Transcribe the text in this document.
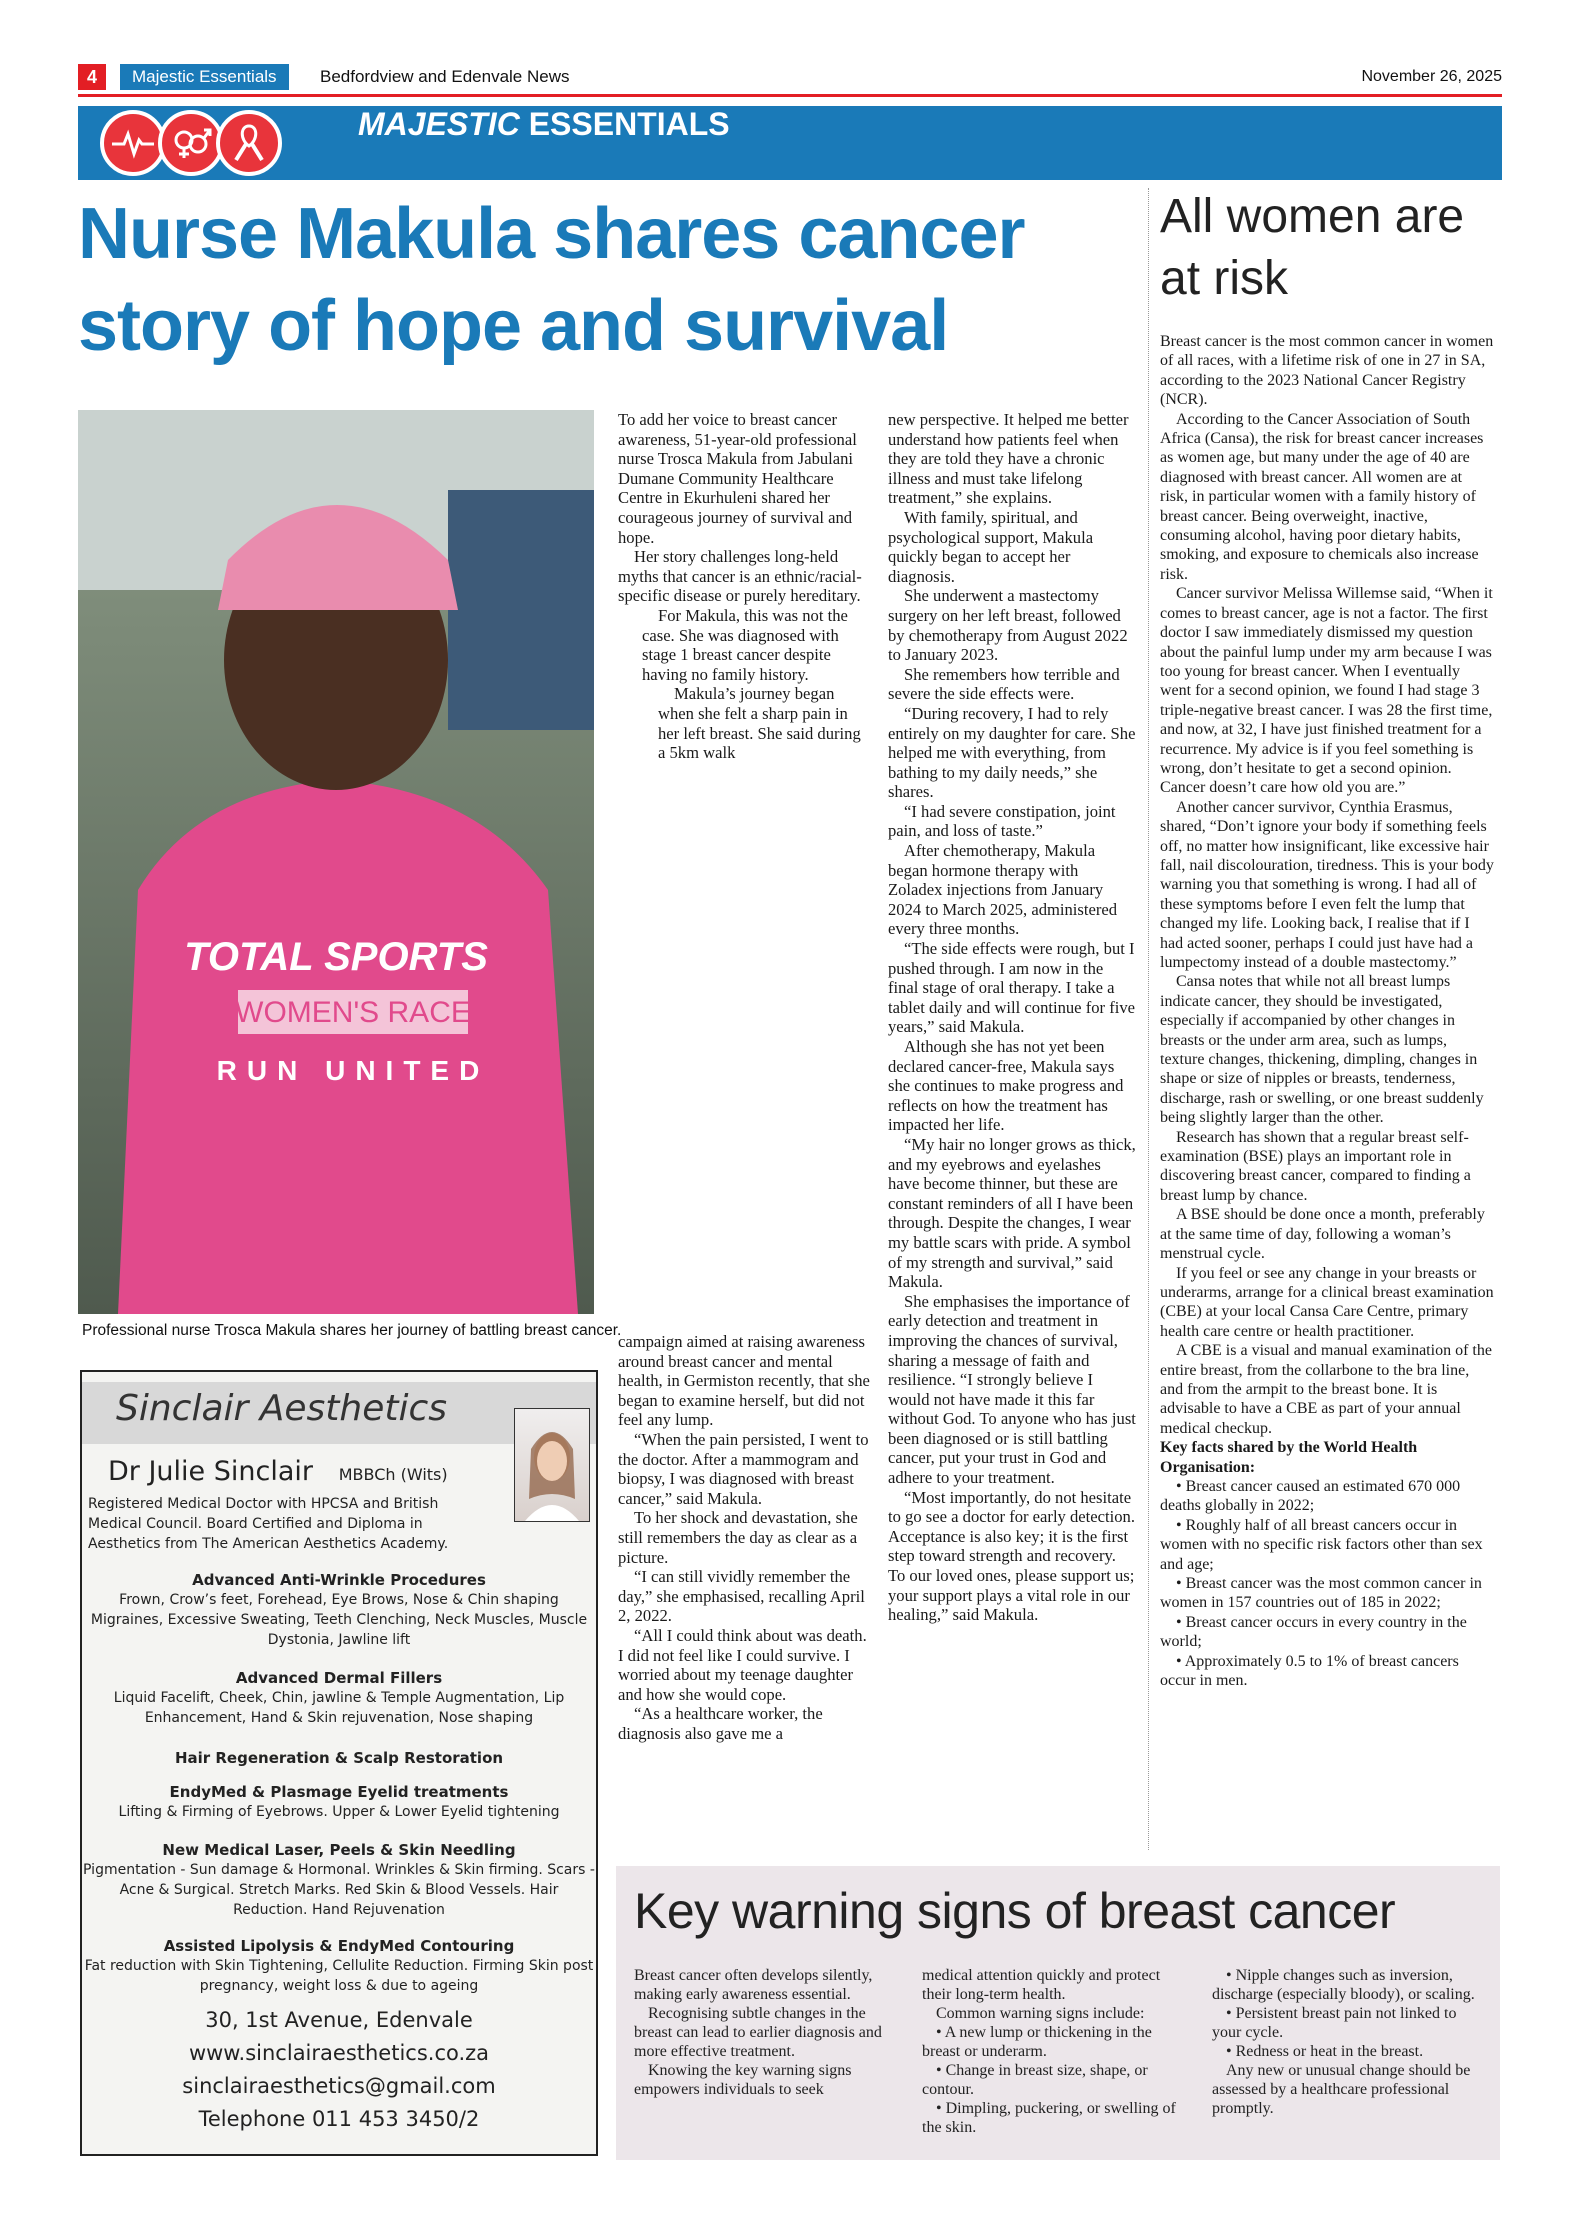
4	Majestic Essentials	Bedfordview and Edenvale News	November 26, 2025
MAJESTIC ESSENTIALS
Nurse Makula shares cancer story of hope and survival
All women are at risk
TOTAL SPORTS
WOMEN'S RACE
RUN UNITED
Professional nurse Trosca Makula shares her journey of battling breast cancer.

To add her voice to breast cancer awareness, 51-year-old professional nurse Trosca Makula from Jabulani Dumane Community Healthcare Centre in Ekurhuleni shared her courageous journey of survival and hope.

Her story challenges long-held myths that cancer is an ethnic/racial-specific disease or purely hereditary.

For Makula, this was not the case. She was diagnosed with stage 1 breast cancer despite having no family history.

Makula’s journey began when she felt a sharp pain in her left breast. She said during a 5km walk

campaign aimed at raising awareness around breast cancer and mental health, in Germiston recently, that she began to examine herself, but did not feel any lump.

“When the pain persisted, I went to the doctor. After a mammogram and biopsy, I was diagnosed with breast cancer,” said Makula.

To her shock and devastation, she still remembers the day as clear as a picture.

“I can still vividly remember the day,” she emphasised, recalling April 2, 2022.

“All I could think about was death. I did not feel like I could survive. I worried about my teenage daughter and how she would cope.

“As a healthcare worker, the diagnosis also gave me a

new perspective. It helped me better understand how patients feel when they are told they have a chronic illness and must take lifelong treatment,” she explains.

With family, spiritual, and psychological support, Makula quickly began to accept her diagnosis.

She underwent a mastectomy surgery on her left breast, followed by chemotherapy from August 2022 to January 2023.

She remembers how terrible and severe the side effects were.

“During recovery, I had to rely entirely on my daughter for care. She helped me with everything, from bathing to my daily needs,” she shares.

“I had severe constipation, joint pain, and loss of taste.”

After chemotherapy, Makula began hormone therapy with Zoladex injections from January 2024 to March 2025, administered every three months.

“The side effects were rough, but I pushed through. I am now in the final stage of oral therapy. I take a tablet daily and will continue for five years,” said Makula.

Although she has not yet been declared cancer-free, Makula says she continues to make progress and reflects on how the treatment has impacted her life.

“My hair no longer grows as thick, and my eyebrows and eyelashes have become thinner, but these are constant reminders of all I have been through. Despite the changes, I wear my battle scars with pride. A symbol of my strength and survival,” said Makula.

She emphasises the importance of early detection and treatment in improving the chances of survival, sharing a message of faith and resilience. “I strongly believe I would not have made it this far without God. To anyone who has just been diagnosed or is still battling cancer, put your trust in God and adhere to your treatment.

“Most importantly, do not hesitate to go see a doctor for early detection. Acceptance is also key; it is the first step toward strength and recovery. To our loved ones, please support us; your support plays a vital role in our healing,” said Makula.

Breast cancer is the most common cancer in women of all races, with a lifetime risk of one in 27 in SA, according to the 2023 National Cancer Registry (NCR).

According to the Cancer Association of South Africa (Cansa), the risk for breast cancer increases as women age, but many under the age of 40 are diagnosed with breast cancer. All women are at risk, in particular women with a family history of breast cancer. Being overweight, inactive, consuming alcohol, having poor dietary habits, smoking, and exposure to chemicals also increase risk.

Cancer survivor Melissa Willemse said, “When it comes to breast cancer, age is not a factor. The first doctor I saw immediately dismissed my question about the painful lump under my arm because I was too young for breast cancer. When I eventually went for a second opinion, we found I had stage 3 triple-negative breast cancer. I was 28 the first time, and now, at 32, I have just finished treatment for a recurrence. My advice is if you feel something is wrong, don’t hesitate to get a second opinion. Cancer doesn’t care how old you are.”

Another cancer survivor, Cynthia Erasmus, shared, “Don’t ignore your body if something feels off, no matter how insignificant, like excessive hair fall, nail discolouration, tiredness. This is your body warning you that something is wrong. I had all of these symptoms before I even felt the lump that changed my life. Looking back, I realise that if I had acted sooner, perhaps I could just have had a lumpectomy instead of a double mastectomy.”

Cansa notes that while not all breast lumps indicate cancer, they should be investigated, especially if accompanied by other changes in breasts or the under arm area, such as lumps, texture changes, thickening, dimpling, changes in shape or size of nipples or breasts, tenderness, discharge, rash or swelling, or one breast suddenly being slightly larger than the other.

Research has shown that a regular breast self-examination (BSE) plays an important role in discovering breast cancer, compared to finding a breast lump by chance.

A BSE should be done once a month, preferably at the same time of day, following a woman’s menstrual cycle.

If you feel or see any change in your breasts or underarms, arrange for a clinical breast examination (CBE) at your local Cansa Care Centre, primary health care centre or health practitioner.

A CBE is a visual and manual examination of the entire breast, from the collarbone to the bra line, and from the armpit to the breast bone. It is advisable to have a CBE as part of your annual medical checkup.

Key facts shared by the World Health Organisation:

• Breast cancer caused an estimated 670 000 deaths globally in 2022;

• Roughly half of all breast cancers occur in women with no specific risk factors other than sex and age;

• Breast cancer was the most common cancer in women in 157 countries out of 185 in 2022;

• Breast cancer occurs in every country in the world;

• Approximately 0.5 to 1% of breast cancers occur in men.

Sinclair Aesthetics
Dr Julie Sinclair MBBCh (Wits)
Registered Medical Doctor with HPCSA and British Medical Council. Board Certified and Diploma in Aesthetics from The American Aesthetics Academy.
Advanced Anti-Wrinkle Procedures
Frown, Crow’s feet, Forehead, Eye Brows, Nose & Chin shaping Migraines, Excessive Sweating, Teeth Clenching, Neck Muscles, Muscle Dystonia, Jawline lift
Advanced Dermal Fillers
Liquid Facelift, Cheek, Chin, jawline & Temple Augmentation, Lip Enhancement, Hand & Skin rejuvenation, Nose shaping
Hair Regeneration & Scalp Restoration
EndyMed & Plasmage Eyelid treatments
Lifting & Firming of Eyebrows. Upper & Lower Eyelid tightening
New Medical Laser, Peels & Skin Needling
Pigmentation - Sun damage & Hormonal. Wrinkles & Skin firming. Scars - Acne & Surgical. Stretch Marks. Red Skin & Blood Vessels. Hair Reduction. Hand Rejuvenation
Assisted Lipolysis & EndyMed Contouring
Fat reduction with Skin Tightening, Cellulite Reduction. Firming Skin post pregnancy, weight loss & due to ageing
30, 1st Avenue, Edenvale
www.sinclairaesthetics.co.za
sinclairaesthetics@gmail.com
Telephone 011 453 3450/2
Key warning signs of breast cancer

Breast cancer often develops silently, making early awareness essential.

Recognising subtle changes in the breast can lead to earlier diagnosis and more effective treatment.

Knowing the key warning signs empowers individuals to seek

medical attention quickly and protect their long-term health.

Common warning signs include:

• A new lump or thickening in the breast or underarm.

• Change in breast size, shape, or contour.

• Dimpling, puckering, or swelling of the skin.

• Nipple changes such as inversion, discharge (especially bloody), or scaling.

• Persistent breast pain not linked to your cycle.

• Redness or heat in the breast.

Any new or unusual change should be assessed by a healthcare professional promptly.
